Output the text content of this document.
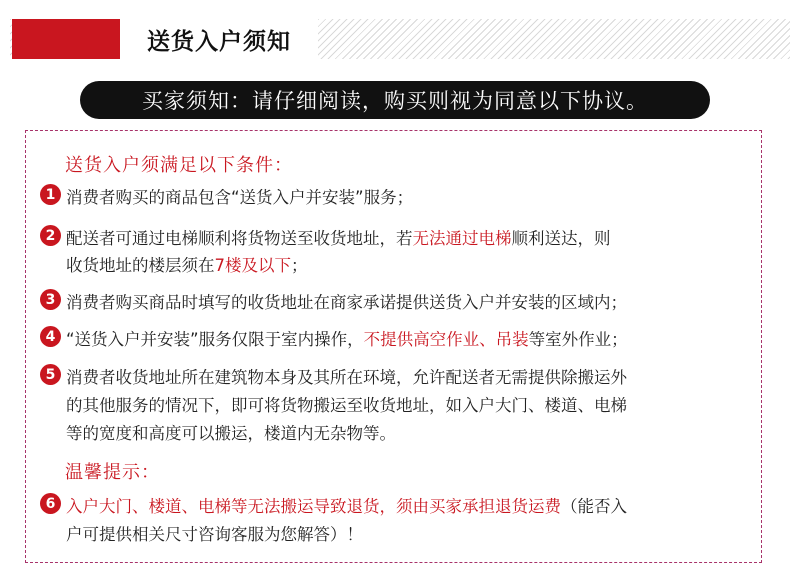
送货入户须知
买家须知：请仔细阅读，购买则视为同意以下协议。
送货入户须满足以下条件：
1 消费者购买的商品包含“送货入户并安装”服务；
2 配送者可通过电梯顺利将货物送至收货地址，若无法通过电梯顺利送达，则
收货地址的楼层须在7楼及以下；
3 消费者购买商品时填写的收货地址在商家承诺提供送货入户并安装的区域内；
4 “送货入户并安装”服务仅限于室内操作，不提供高空作业、吊装等室外作业；
5 消费者收货地址所在建筑物本身及其所在环境，允许配送者无需提供除搬运外
的其他服务的情况下，即可将货物搬运至收货地址，如入户大门、楼道、电梯
等的宽度和高度可以搬运，楼道内无杂物等。
温馨提示：
6 入户大门、楼道、电梯等无法搬运导致退货，须由买家承担退货运费（能否入
户可提供相关尺寸咨询客服为您解答）！
